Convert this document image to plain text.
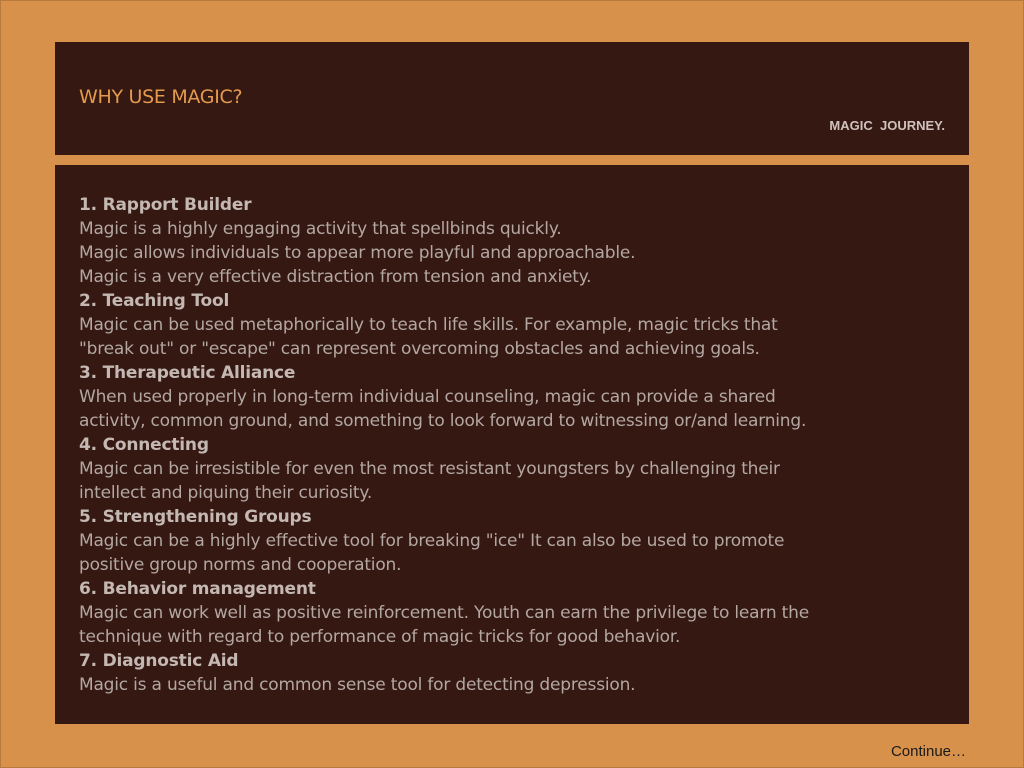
WHY USE MAGIC?
MAGIC  JOURNEY.
1. Rapport Builder
Magic is a highly engaging activity that spellbinds quickly.
Magic allows individuals to appear more playful and approachable.
Magic is a very effective distraction from tension and anxiety.
2. Teaching Tool
Magic can be used metaphorically to teach life skills. For example, magic tricks that
"break out" or "escape" can represent overcoming obstacles and achieving goals.
3. Therapeutic Alliance
When used properly in long-term individual counseling, magic can provide a shared
activity, common ground, and something to look forward to witnessing or/and learning.
4. Connecting
Magic can be irresistible for even the most resistant youngsters by challenging their
intellect and piquing their curiosity.
5. Strengthening Groups
Magic can be a highly effective tool for breaking "ice" It can also be used to promote
positive group norms and cooperation.
6. Behavior management
Magic can work well as positive reinforcement. Youth can earn the privilege to learn the
technique with regard to performance of magic tricks for good behavior.
7. Diagnostic Aid
Magic is a useful and common sense tool for detecting depression.
Continue…
